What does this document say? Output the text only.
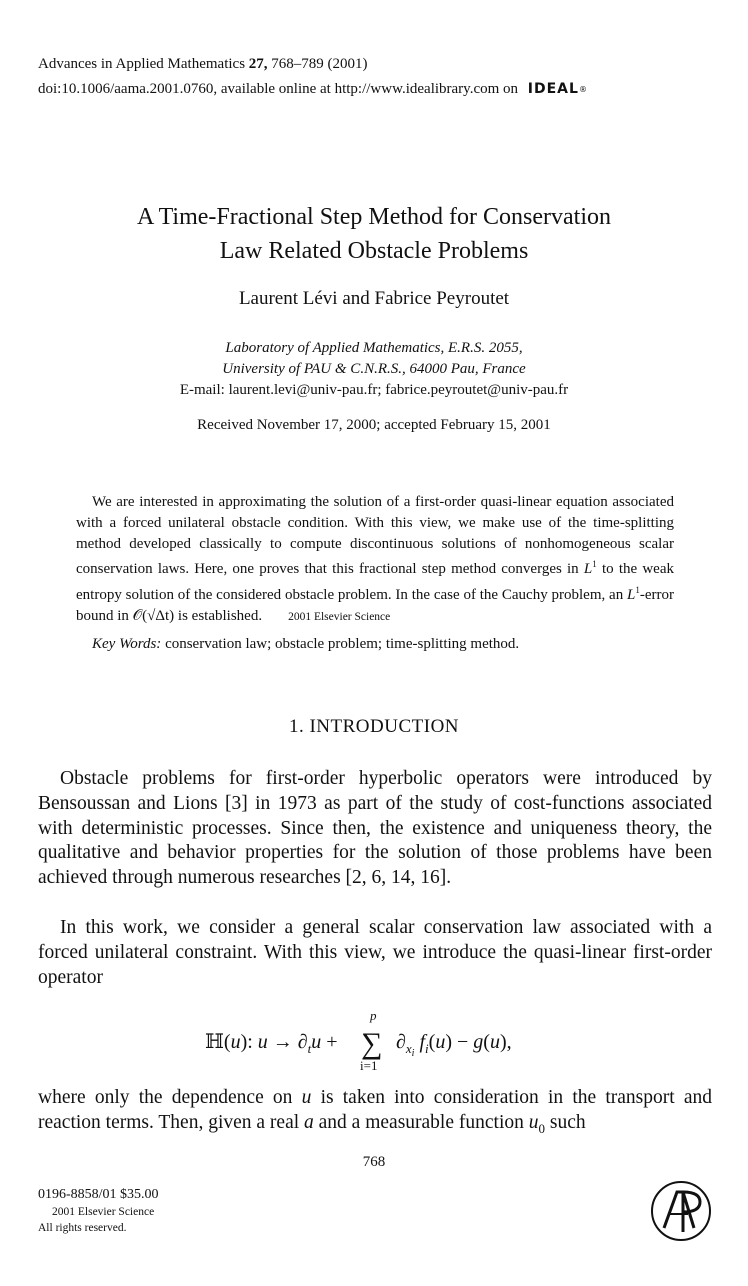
Advances in Applied Mathematics 27, 768–789 (2001)
doi:10.1006/aama.2001.0760, available online at http://www.idealibrary.com on IDEAL ®
A Time-Fractional Step Method for Conservation
Law Related Obstacle Problems
Laurent Lévi and Fabrice Peyroutet
Laboratory of Applied Mathematics, E.R.S. 2055,
University of PAU & C.N.R.S., 64000 Pau, France
E-mail: laurent.levi@univ-pau.fr; fabrice.peyroutet@univ-pau.fr
Received November 17, 2000; accepted February 15, 2001
We are interested in approximating the solution of a first-order quasi-linear equation associated with a forced unilateral obstacle condition. With this view, we make use of the time-splitting method developed classically to compute discontinuous solutions of nonhomogeneous scalar conservation laws. Here, one proves that this fractional step method converges in $L^1$ to the weak entropy solution of the considered obstacle problem. In the case of the Cauchy problem, an $L^1$-error bound in 𝒪(√Δt) is established. 2001 Elsevier Science
Key Words: conservation law; obstacle problem; time-splitting method.
1. INTRODUCTION
Obstacle problems for first-order hyperbolic operators were introduced by Bensoussan and Lions [3] in 1973 as part of the study of cost-functions associated with deterministic processes. Since then, the existence and uniqueness theory, the qualitative and behavior properties for the solution of those problems have been achieved through numerous researches [2, 6, 14, 16].
In this work, we consider a general scalar conservation law associated with a forced unilateral constraint. With this view, we introduce the quasi-linear first-order operator
ℍ(u): $u \to \partial_tu$ +
p
∑
i=1
$\partial_xi$ $f_i(u) - g(u)$,
where only the dependence on u is taken into consideration in the transport and reaction terms. Then, given a real a and a measurable function $u_0$ such
768
0196-8858/01 $35.00
2001 Elsevier Science
All rights reserved.
